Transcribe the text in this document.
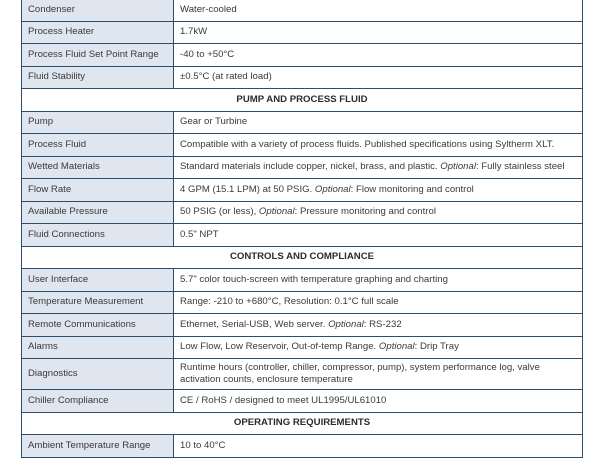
Condenser	Water-cooled
Process Heater	1.7kW
Process Fluid Set Point Range	-40 to +50°C
Fluid Stability	±0.5°C (at rated load)
PUMP AND PROCESS FLUID	
Pump	Gear or Turbine
Process Fluid	Compatible with a variety of process fluids. Published specifications using Syltherm XLT.
Wetted Materials	Standard materials include copper, nickel, brass, and plastic. Optional: Fully stainless steel
Flow Rate	4 GPM (15.1 LPM) at 50 PSIG. Optional: Flow monitoring and control
Available Pressure	50 PSIG (or less), Optional: Pressure monitoring and control
Fluid Connections	0.5" NPT
CONTROLS AND COMPLIANCE	
User Interface	5.7" color touch-screen with temperature graphing and charting
Temperature Measurement	Range: -210 to +680°C, Resolution: 0.1°C full scale
Remote Communications	Ethernet, Serial-USB, Web server. Optional: RS-232
Alarms	Low Flow, Low Reservoir, Out-of-temp Range. Optional: Drip Tray
Diagnostics	Runtime hours (controller, chiller, compressor, pump), system performance log, valve activation counts, enclosure temperature
Chiller Compliance	CE / RoHS / designed to meet UL1995/UL61010
OPERATING REQUIREMENTS	
Ambient Temperature Range	10 to 40°C
